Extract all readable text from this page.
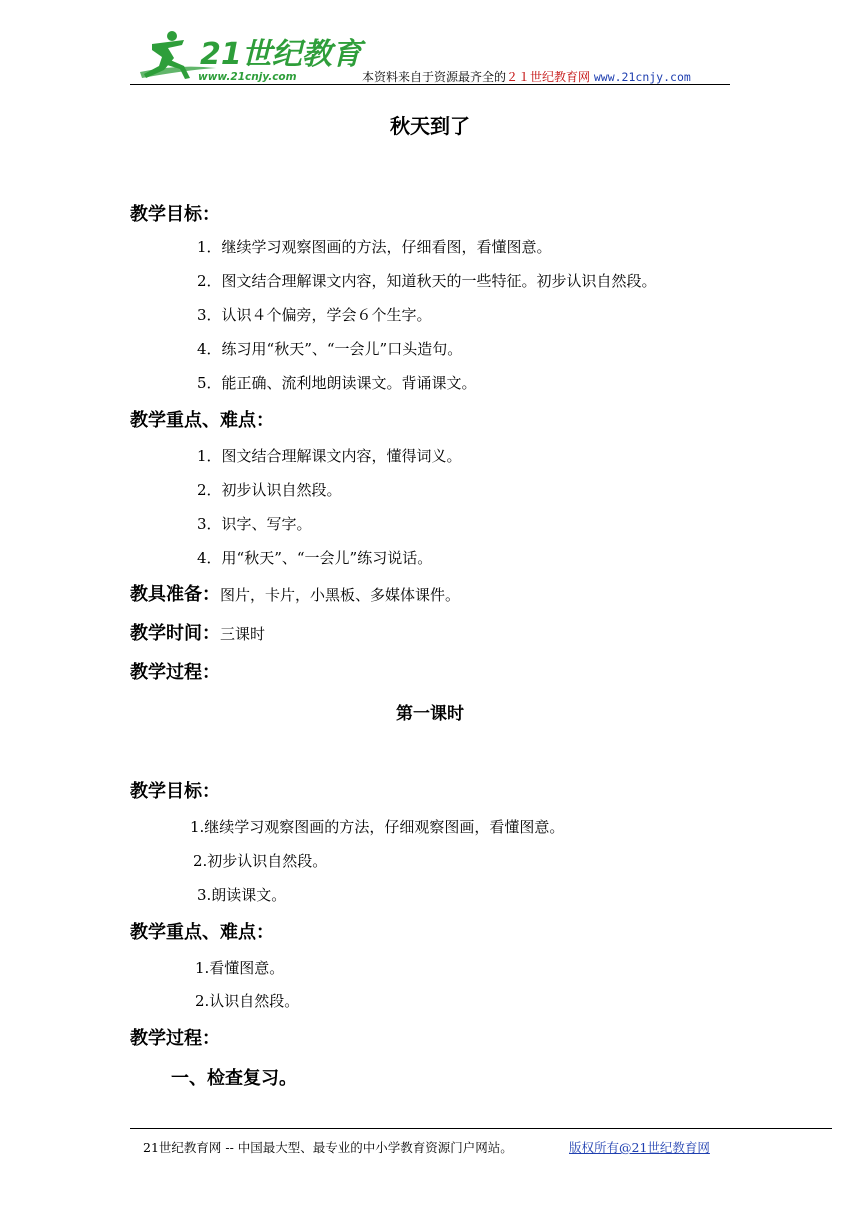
21世纪教育
www.21cnjy.com	本资料来自于资源最齐全的２１世纪教育网 www.21cnjy.com
秋天到了
教学目标：
1．继续学习观察图画的方法，仔细看图，看懂图意。
2．图文结合理解课文内容，知道秋天的一些特征。初步认识自然段。
3．认识４个偏旁，学会６个生字。
4．练习用“秋天”、“一会儿”口头造句。
5．能正确、流利地朗读课文。背诵课文。
教学重点、难点：
1．图文结合理解课文内容，懂得词义。
2．初步认识自然段。
3．识字、写字。
4．用“秋天”、“一会儿”练习说话。
教具准备：图片，卡片，小黑板、多媒体课件。
教学时间：三课时
教学过程：
第一课时
教学目标：
1.继续学习观察图画的方法，仔细观察图画，看懂图意。
2.初步认识自然段。
3.朗读课文。
教学重点、难点：
1.看懂图意。
2.认识自然段。
教学过程：
一、检查复习。
21世纪教育网 -- 中国最大型、最专业的中小学教育资源门户网站。	版权所有@21世纪教育网
